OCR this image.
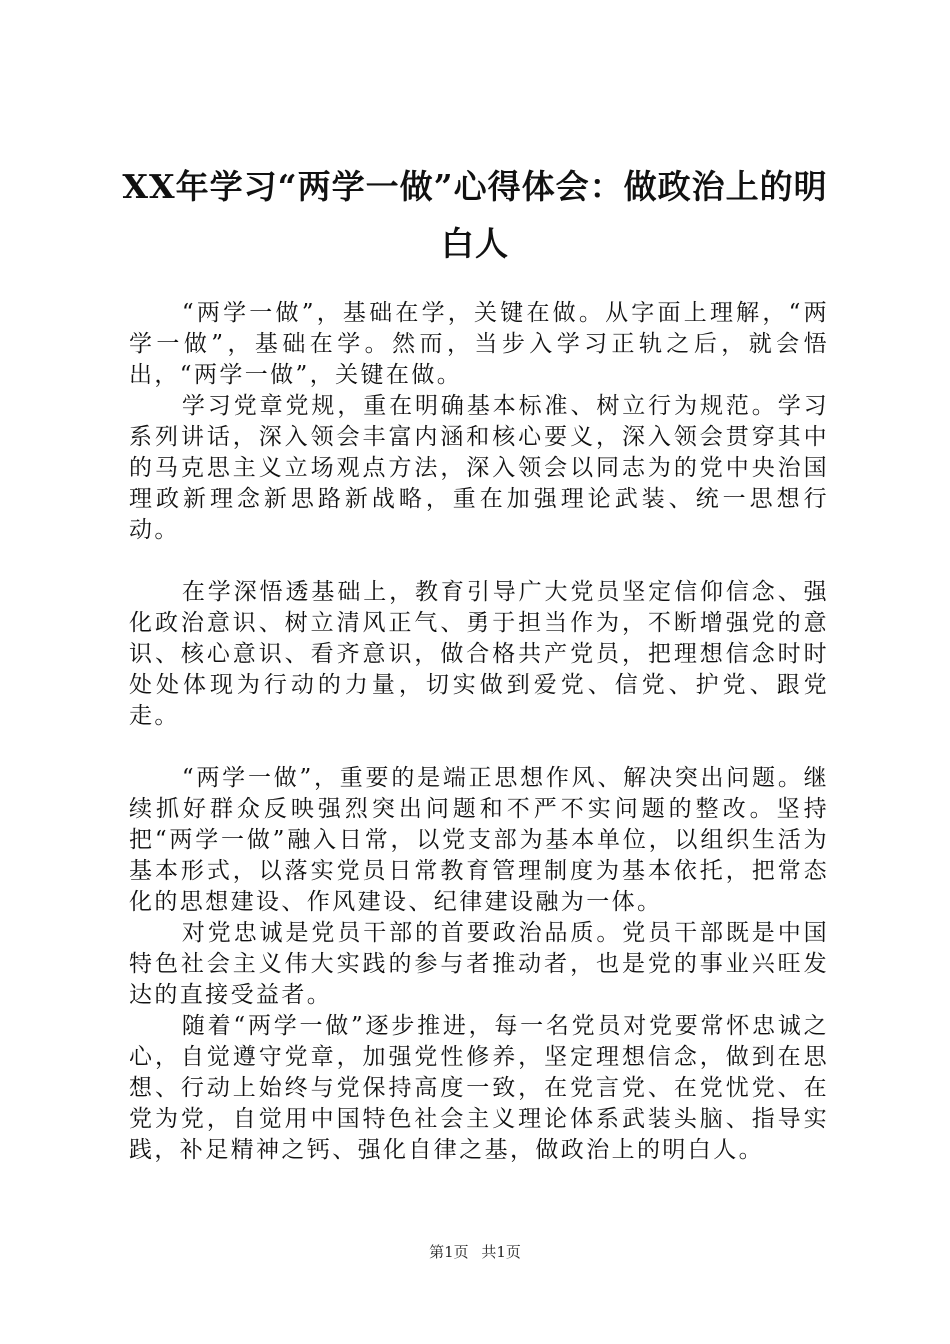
XX年学习“两学一做”心得体会：做政治上的明白人

“两学一做”，基础在学，关键在做。从字面上理解，“两学一做”，基础在学。然而，当步入学习正轨之后，就会悟出，“两学一做”，关键在做。

学习党章党规，重在明确基本标准、树立行为规范。学习系列讲话，深入领会丰富内涵和核心要义，深入领会贯穿其中的马克思主义立场观点方法，深入领会以同志为的党中央治国理政新理念新思路新战略，重在加强理论武装、统一思想行动。

在学深悟透基础上，教育引导广大党员坚定信仰信念、强化政治意识、树立清风正气、勇于担当作为，不断增强党的意识、核心意识、看齐意识，做合格共产党员，把理想信念时时处处体现为行动的力量，切实做到爱党、信党、护党、跟党走。

“两学一做”，重要的是端正思想作风、解决突出问题。继续抓好群众反映强烈突出问题和不严不实问题的整改。坚持把“两学一做”融入日常，以党支部为基本单位，以组织生活为基本形式，以落实党员日常教育管理制度为基本依托，把常态化的思想建设、作风建设、纪律建设融为一体。

对党忠诚是党员干部的首要政治品质。党员干部既是中国特色社会主义伟大实践的参与者推动者，也是党的事业兴旺发达的直接受益者。

随着“两学一做”逐步推进，每一名党员对党要常怀忠诚之心，自觉遵守党章，加强党性修养，坚定理想信念，做到在思想、行动上始终与党保持高度一致，在党言党、在党忧党、在党为党，自觉用中国特色社会主义理论体系武装头脑、指导实践，补足精神之钙、强化自律之基，做政治上的明白人。

第1页 共1页
